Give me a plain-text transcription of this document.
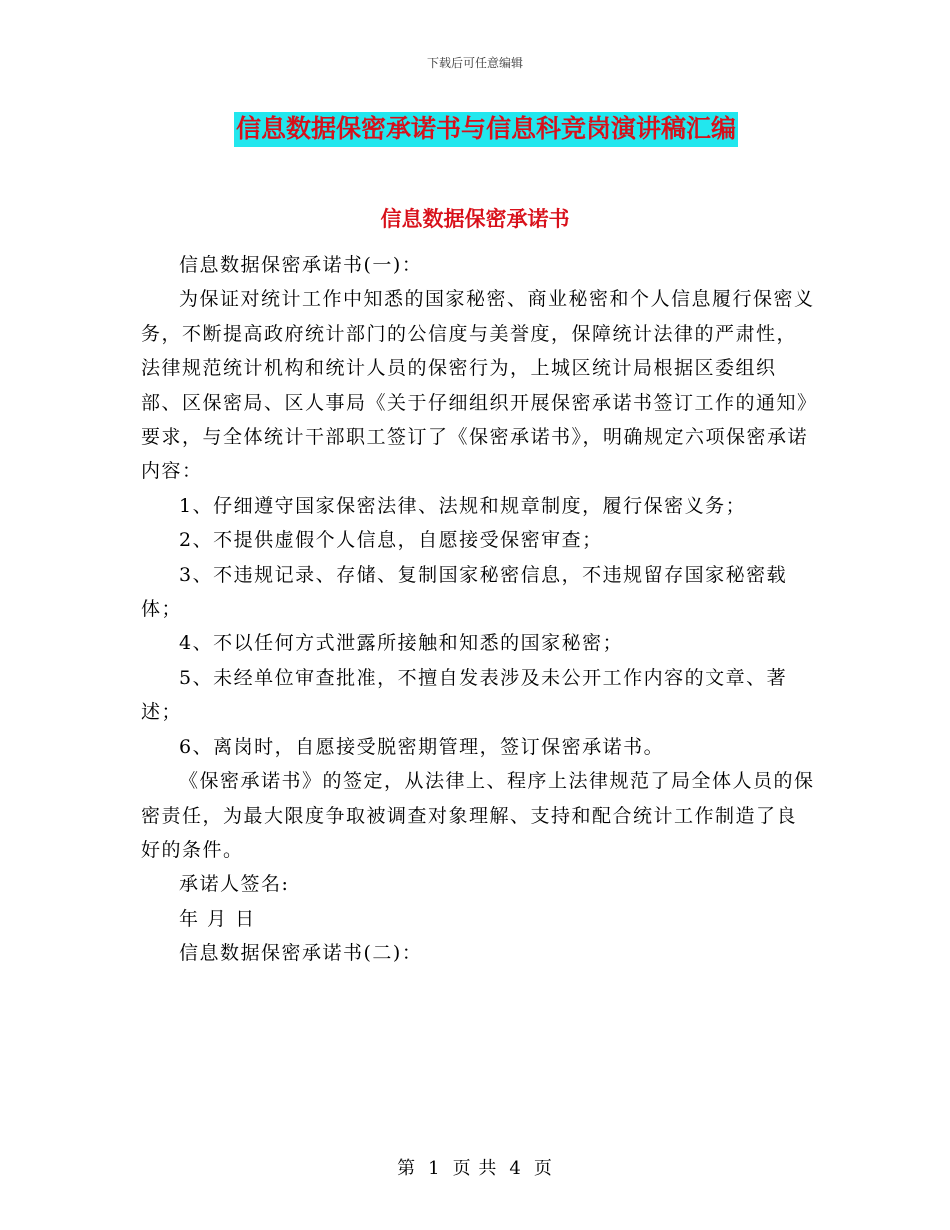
下载后可任意编辑
信息数据保密承诺书与信息科竞岗演讲稿汇编
信息数据保密承诺书

信息数据保密承诺书(一)：

为保证对统计工作中知悉的国家秘密、商业秘密和个人信息履行保密义务，不断提高政府统计部门的公信度与美誉度，保障统计法律的严肃性，法律规范统计机构和统计人员的保密行为，上城区统计局根据区委组织部、区保密局、区人事局《关于仔细组织开展保密承诺书签订工作的通知》要求，与全体统计干部职工签订了《保密承诺书》，明确规定六项保密承诺内容：

1、仔细遵守国家保密法律、法规和规章制度，履行保密义务；

2、不提供虚假个人信息，自愿接受保密审查；

3、不违规记录、存储、复制国家秘密信息，不违规留存国家秘密载体；

4、不以任何方式泄露所接触和知悉的国家秘密；

5、未经单位审查批准，不擅自发表涉及未公开工作内容的文章、著述；

6、离岗时，自愿接受脱密期管理，签订保密承诺书。

《保密承诺书》的签定，从法律上、程序上法律规范了局全体人员的保密责任，为最大限度争取被调查对象理解、支持和配合统计工作制造了良好的条件。

承诺人签名:

年 月 日

信息数据保密承诺书(二)：

第 1 页 共 4 页
